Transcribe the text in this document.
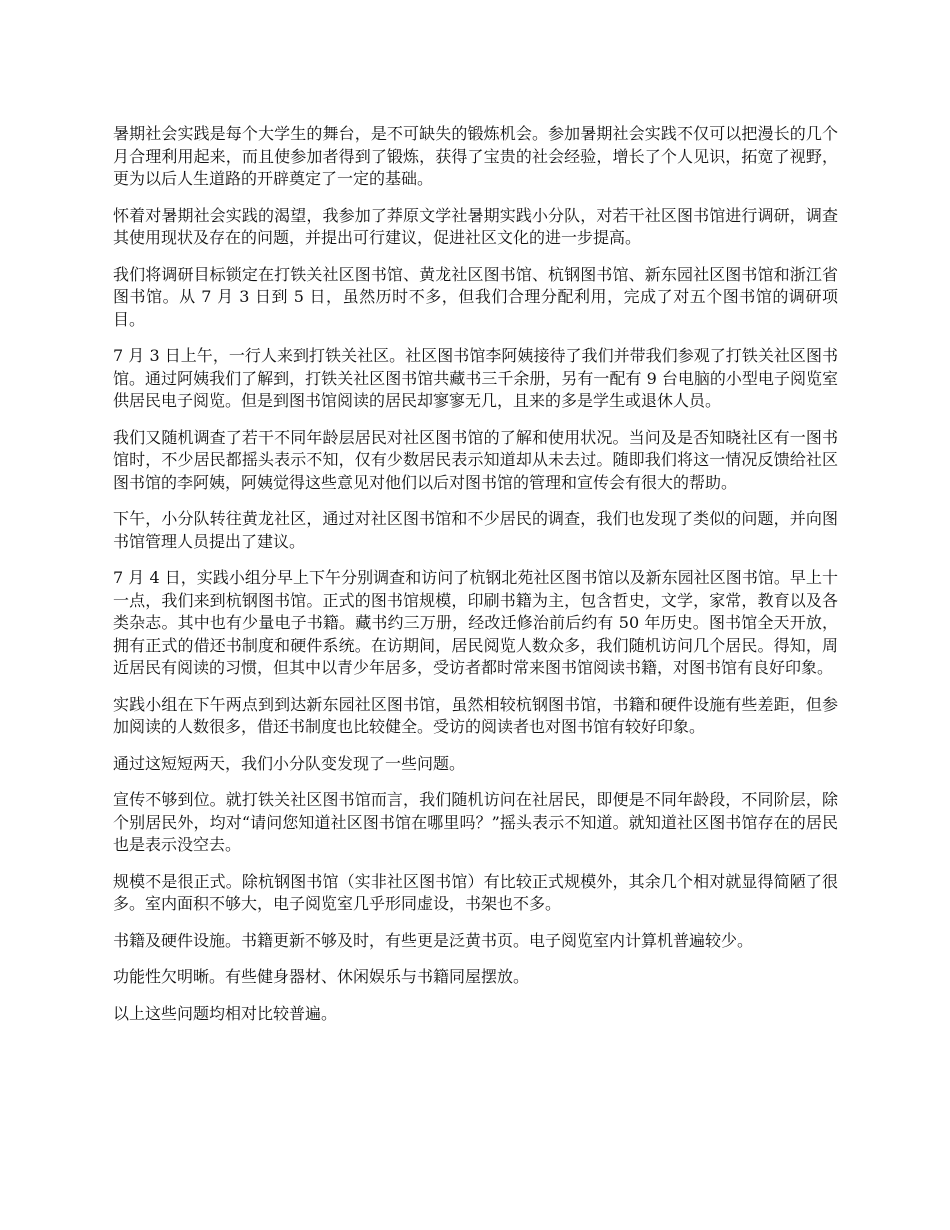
暑期社会实践是每个大学生的舞台，是不可缺失的锻炼机会。参加暑期社会实践不仅可以把漫长的几个月合理利用起来，而且使参加者得到了锻炼，获得了宝贵的社会经验，增长了个人见识，拓宽了视野，更为以后人生道路的开辟奠定了一定的基础。

怀着对暑期社会实践的渴望，我参加了莽原文学社暑期实践小分队，对若干社区图书馆进行调研，调查其使用现状及存在的问题，并提出可行建议，促进社区文化的进一步提高。

我们将调研目标锁定在打铁关社区图书馆、黄龙社区图书馆、杭钢图书馆、新东园社区图书馆和浙江省图书馆。从 7 月 3 日到 5 日，虽然历时不多，但我们合理分配利用，完成了对五个图书馆的调研项目。

7 月 3 日上午，一行人来到打铁关社区。社区图书馆李阿姨接待了我们并带我们参观了打铁关社区图书馆。通过阿姨我们了解到，打铁关社区图书馆共藏书三千余册，另有一配有 9 台电脑的小型电子阅览室供居民电子阅览。但是到图书馆阅读的居民却寥寥无几，且来的多是学生或退休人员。

我们又随机调查了若干不同年龄层居民对社区图书馆的了解和使用状况。当问及是否知晓社区有一图书馆时，不少居民都摇头表示不知，仅有少数居民表示知道却从未去过。随即我们将这一情况反馈给社区图书馆的李阿姨，阿姨觉得这些意见对他们以后对图书馆的管理和宣传会有很大的帮助。

下午，小分队转往黄龙社区，通过对社区图书馆和不少居民的调查，我们也发现了类似的问题，并向图书馆管理人员提出了建议。

7 月 4 日，实践小组分早上下午分别调查和访问了杭钢北苑社区图书馆以及新东园社区图书馆。早上十一点，我们来到杭钢图书馆。正式的图书馆规模，印刷书籍为主，包含哲史，文学，家常，教育以及各类杂志。其中也有少量电子书籍。藏书约三万册，经改迁修治前后约有 50 年历史。图书馆全天开放，拥有正式的借还书制度和硬件系统。在访期间，居民阅览人数众多，我们随机访问几个居民。得知，周近居民有阅读的习惯，但其中以青少年居多，受访者都时常来图书馆阅读书籍，对图书馆有良好印象。

实践小组在下午两点到到达新东园社区图书馆，虽然相较杭钢图书馆，书籍和硬件设施有些差距，但参加阅读的人数很多，借还书制度也比较健全。受访的阅读者也对图书馆有较好印象。

通过这短短两天，我们小分队变发现了一些问题。

宣传不够到位。就打铁关社区图书馆而言，我们随机访问在社居民，即便是不同年龄段，不同阶层，除个别居民外，均对“请问您知道社区图书馆在哪里吗？”摇头表示不知道。就知道社区图书馆存在的居民也是表示没空去。

规模不是很正式。除杭钢图书馆（实非社区图书馆）有比较正式规模外，其余几个相对就显得简陋了很多。室内面积不够大，电子阅览室几乎形同虚设，书架也不多。

书籍及硬件设施。书籍更新不够及时，有些更是泛黄书页。电子阅览室内计算机普遍较少。

功能性欠明晰。有些健身器材、休闲娱乐与书籍同屋摆放。

以上这些问题均相对比较普遍。
